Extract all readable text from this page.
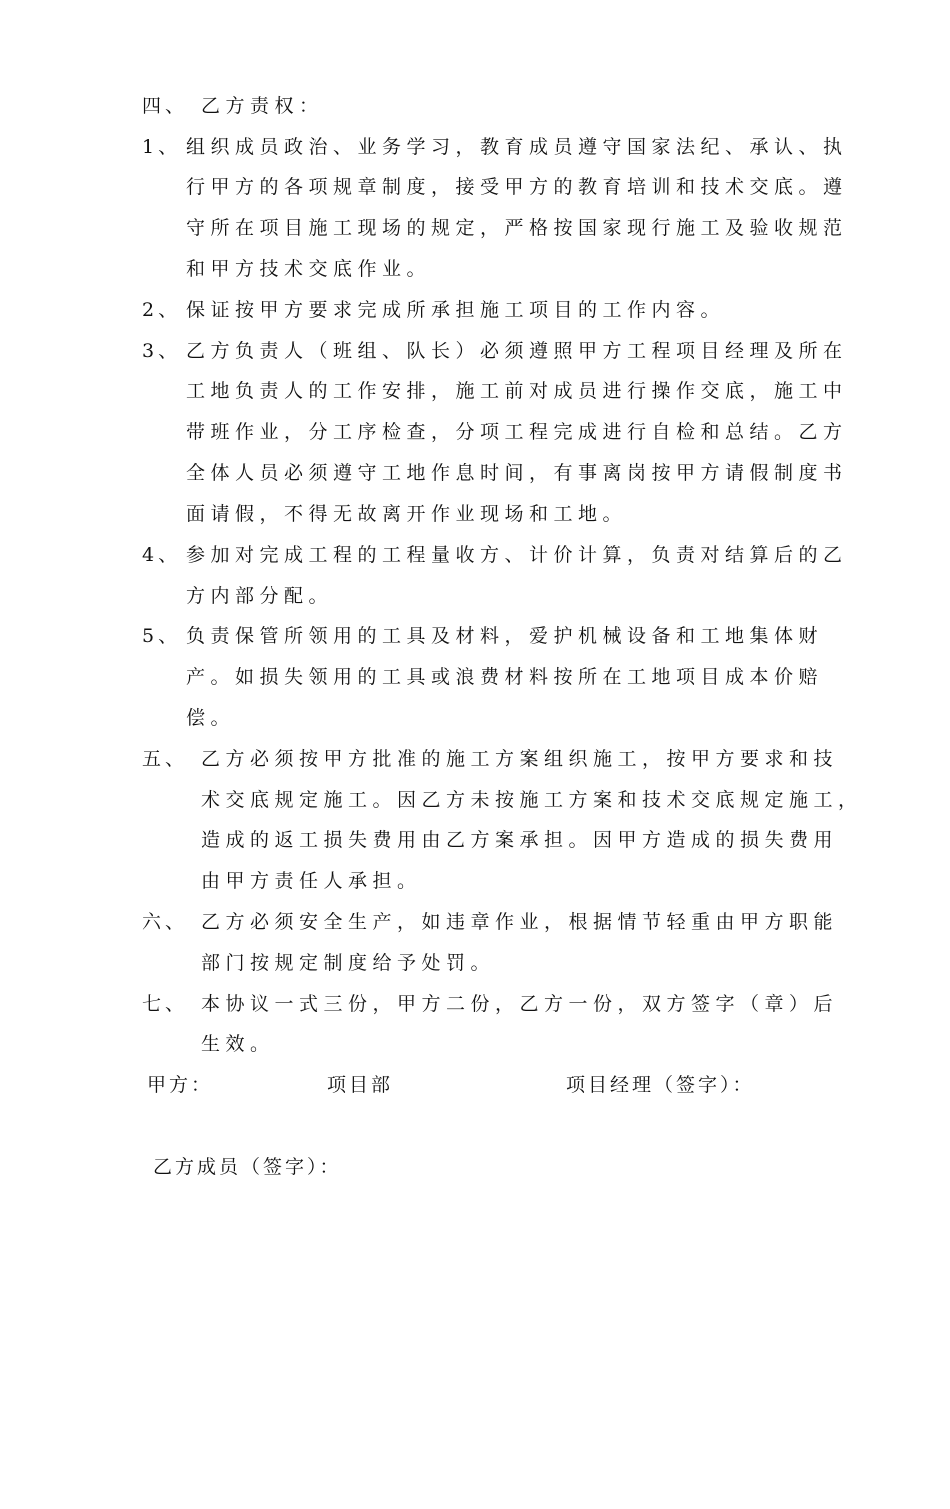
四、 乙方责权：
1、 组织成员政治、业务学习，教育成员遵守国家法纪、承认、执
行甲方的各项规章制度，接受甲方的教育培训和技术交底。遵
守所在项目施工现场的规定，严格按国家现行施工及验收规范
和甲方技术交底作业。
2、 保证按甲方要求完成所承担施工项目的工作内容。
3、 乙方负责人（班组、队长）必须遵照甲方工程项目经理及所在
工地负责人的工作安排，施工前对成员进行操作交底，施工中
带班作业，分工序检查，分项工程完成进行自检和总结。乙方
全体人员必须遵守工地作息时间，有事离岗按甲方请假制度书
面请假，不得无故离开作业现场和工地。
4、 参加对完成工程的工程量收方、计价计算，负责对结算后的乙
方内部分配。
5、 负责保管所领用的工具及材料，爱护机械设备和工地集体财
产。如损失领用的工具或浪费材料按所在工地项目成本价赔
偿。
五、 乙方必须按甲方批准的施工方案组织施工，按甲方要求和技
术交底规定施工。因乙方未按施工方案和技术交底规定施工，
造成的返工损失费用由乙方案承担。因甲方造成的损失费用
由甲方责任人承担。
六、 乙方必须安全生产，如违章作业，根据情节轻重由甲方职能
部门按规定制度给予处罚。
七、 本协议一式三份，甲方二份，乙方一份，双方签字（章）后
生效。
甲方：	项目部	项目经理（签字）：
乙方成员（签字）：
